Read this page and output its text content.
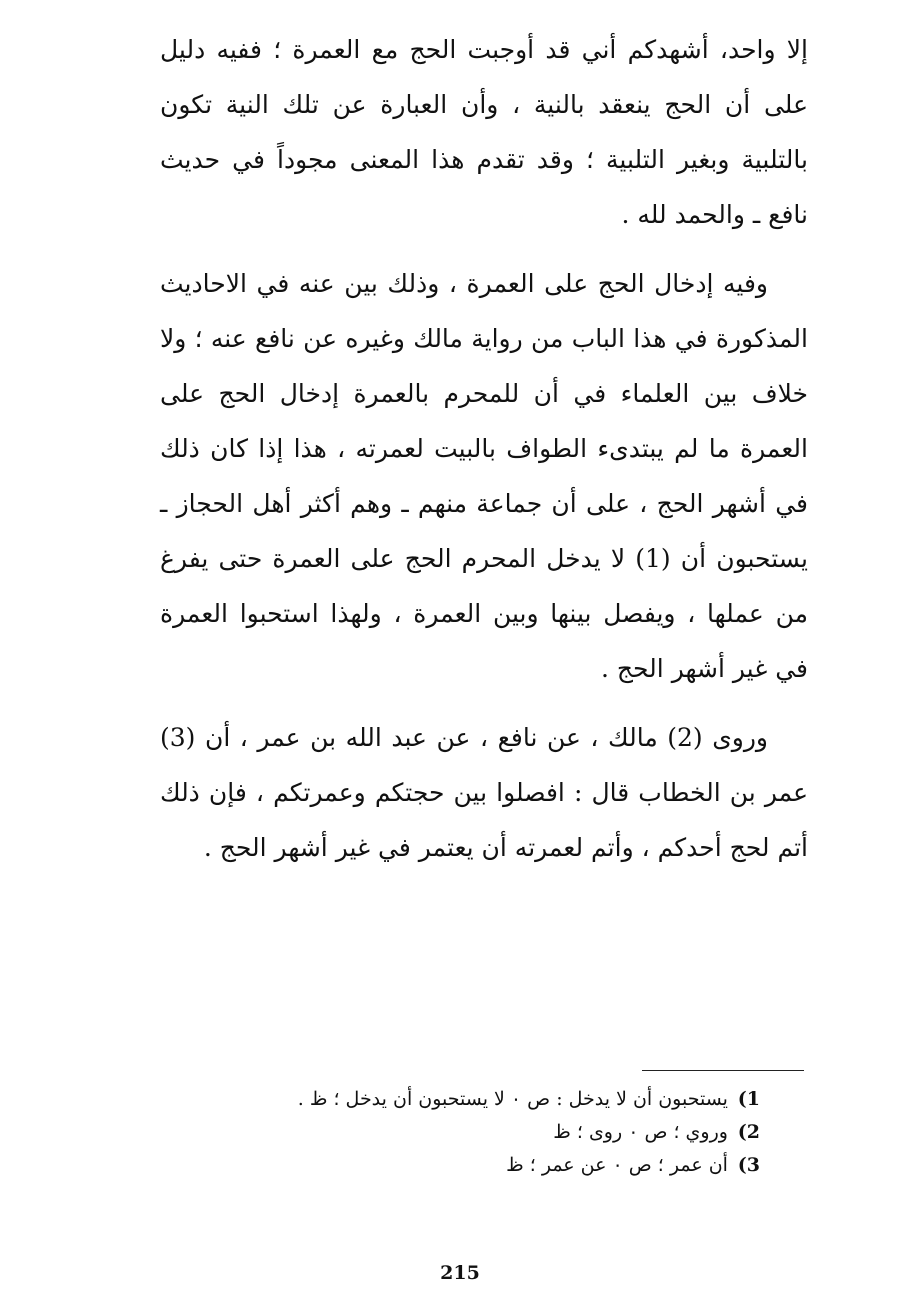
إلا واحد، أشهدكم أني قد أوجبت الحج مع العمرة ؛ ففيه دليل على أن الحج ينعقد بالنية ، وأن العبارة عن تلك النية تكون بالتلبية وبغير التلبية ؛ وقد تقدم هذا المعنى مجوداً في حديث نافع ـ والحمد لله .

وفيه إدخال الحج على العمرة ، وذلك بين عنه في الاحاديث المذكورة في هذا الباب من رواية مالك وغيره عن نافع عنه ؛ ولا خلاف بين العلماء في أن للمحرم بالعمرة إدخال الحج على العمرة ما لم يبتدىء الطواف بالبيت لعمرته ، هذا إذا كان ذلك في أشهر الحج ، على أن جماعة منهم ـ وهم أكثر أهل الحجاز ـ يستحبون أن (1) لا يدخل المحرم الحج على العمرة حتى يفرغ من عملها ، ويفصل بينها وبين العمرة ، ولهذا استحبوا العمرة في غير أشهر الحج .

وروى (2) مالك ، عن نافع ، عن عبد الله بن عمر ، أن (3) عمر بن الخطاب قال : افصلوا بين حجتكم وعمرتكم ، فإن ذلك أتم لحج أحدكم ، وأتم لعمرته أن يعتمر في غير أشهر الحج .

1) يستحبون أن لا يدخل : ص ٠ لا يستحبون أن يدخل ؛ ظ .
2) وروي ؛ ص ٠ روى ؛ ظ
3) أن عمر ؛ ص ٠ عن عمر ؛ ظ
215
